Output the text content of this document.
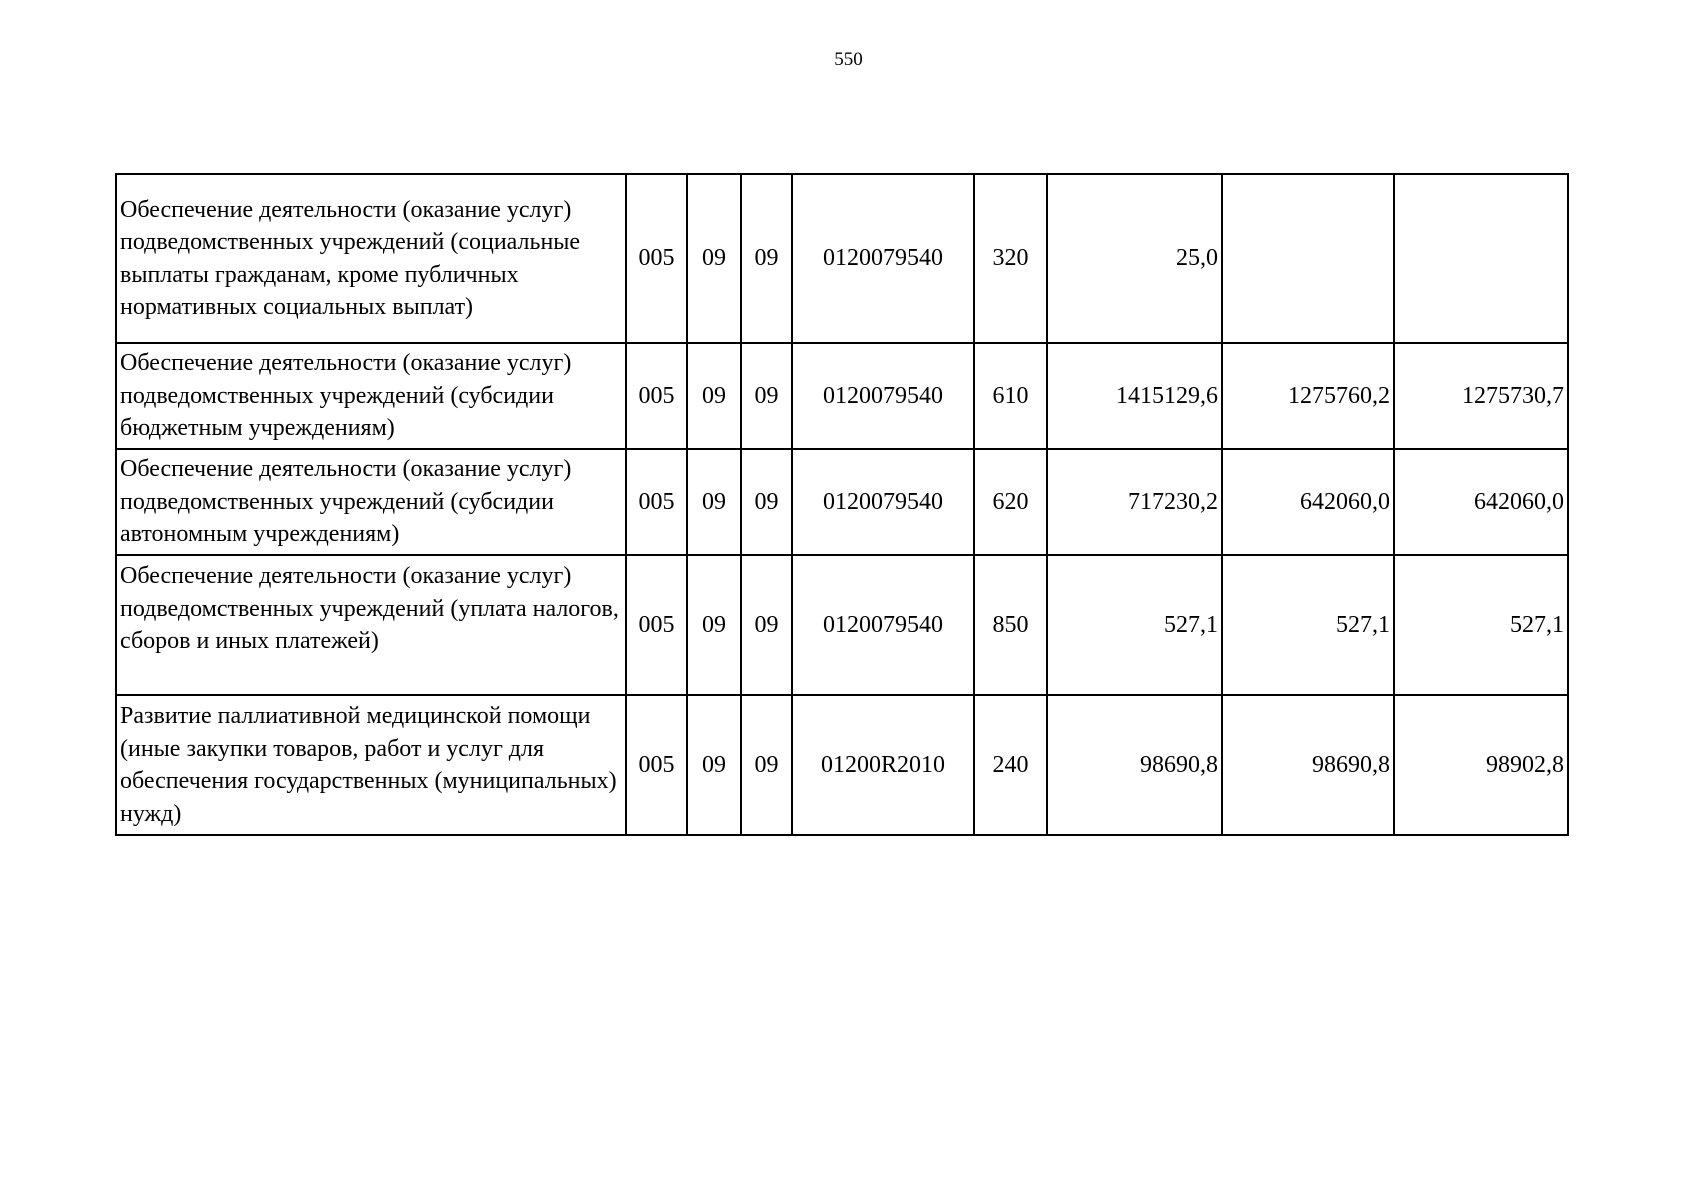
550
Обеспечение деятельности (оказание услуг) подведомственных учреждений (социальные выплаты гражданам, кроме публичных нормативных социальных выплат)	005	09	09	0120079540	320	25,0		
Обеспечение деятельности (оказание услуг) подведомственных учреждений (субсидии бюджетным учреждениям)	005	09	09	0120079540	610	1415129,6	1275760,2	1275730,7
Обеспечение деятельности (оказание услуг) подведомственных учреждений (субсидии автономным учреждениям)	005	09	09	0120079540	620	717230,2	642060,0	642060,0
Обеспечение деятельности (оказание услуг) подведомственных учреждений (уплата налогов, сборов и иных платежей)	005	09	09	0120079540	850	527,1	527,1	527,1
Развитие паллиативной медицинской помощи (иные закупки товаров, работ и услуг для обеспечения государственных (муниципальных) нужд)	005	09	09	01200R2010	240	98690,8	98690,8	98902,8
